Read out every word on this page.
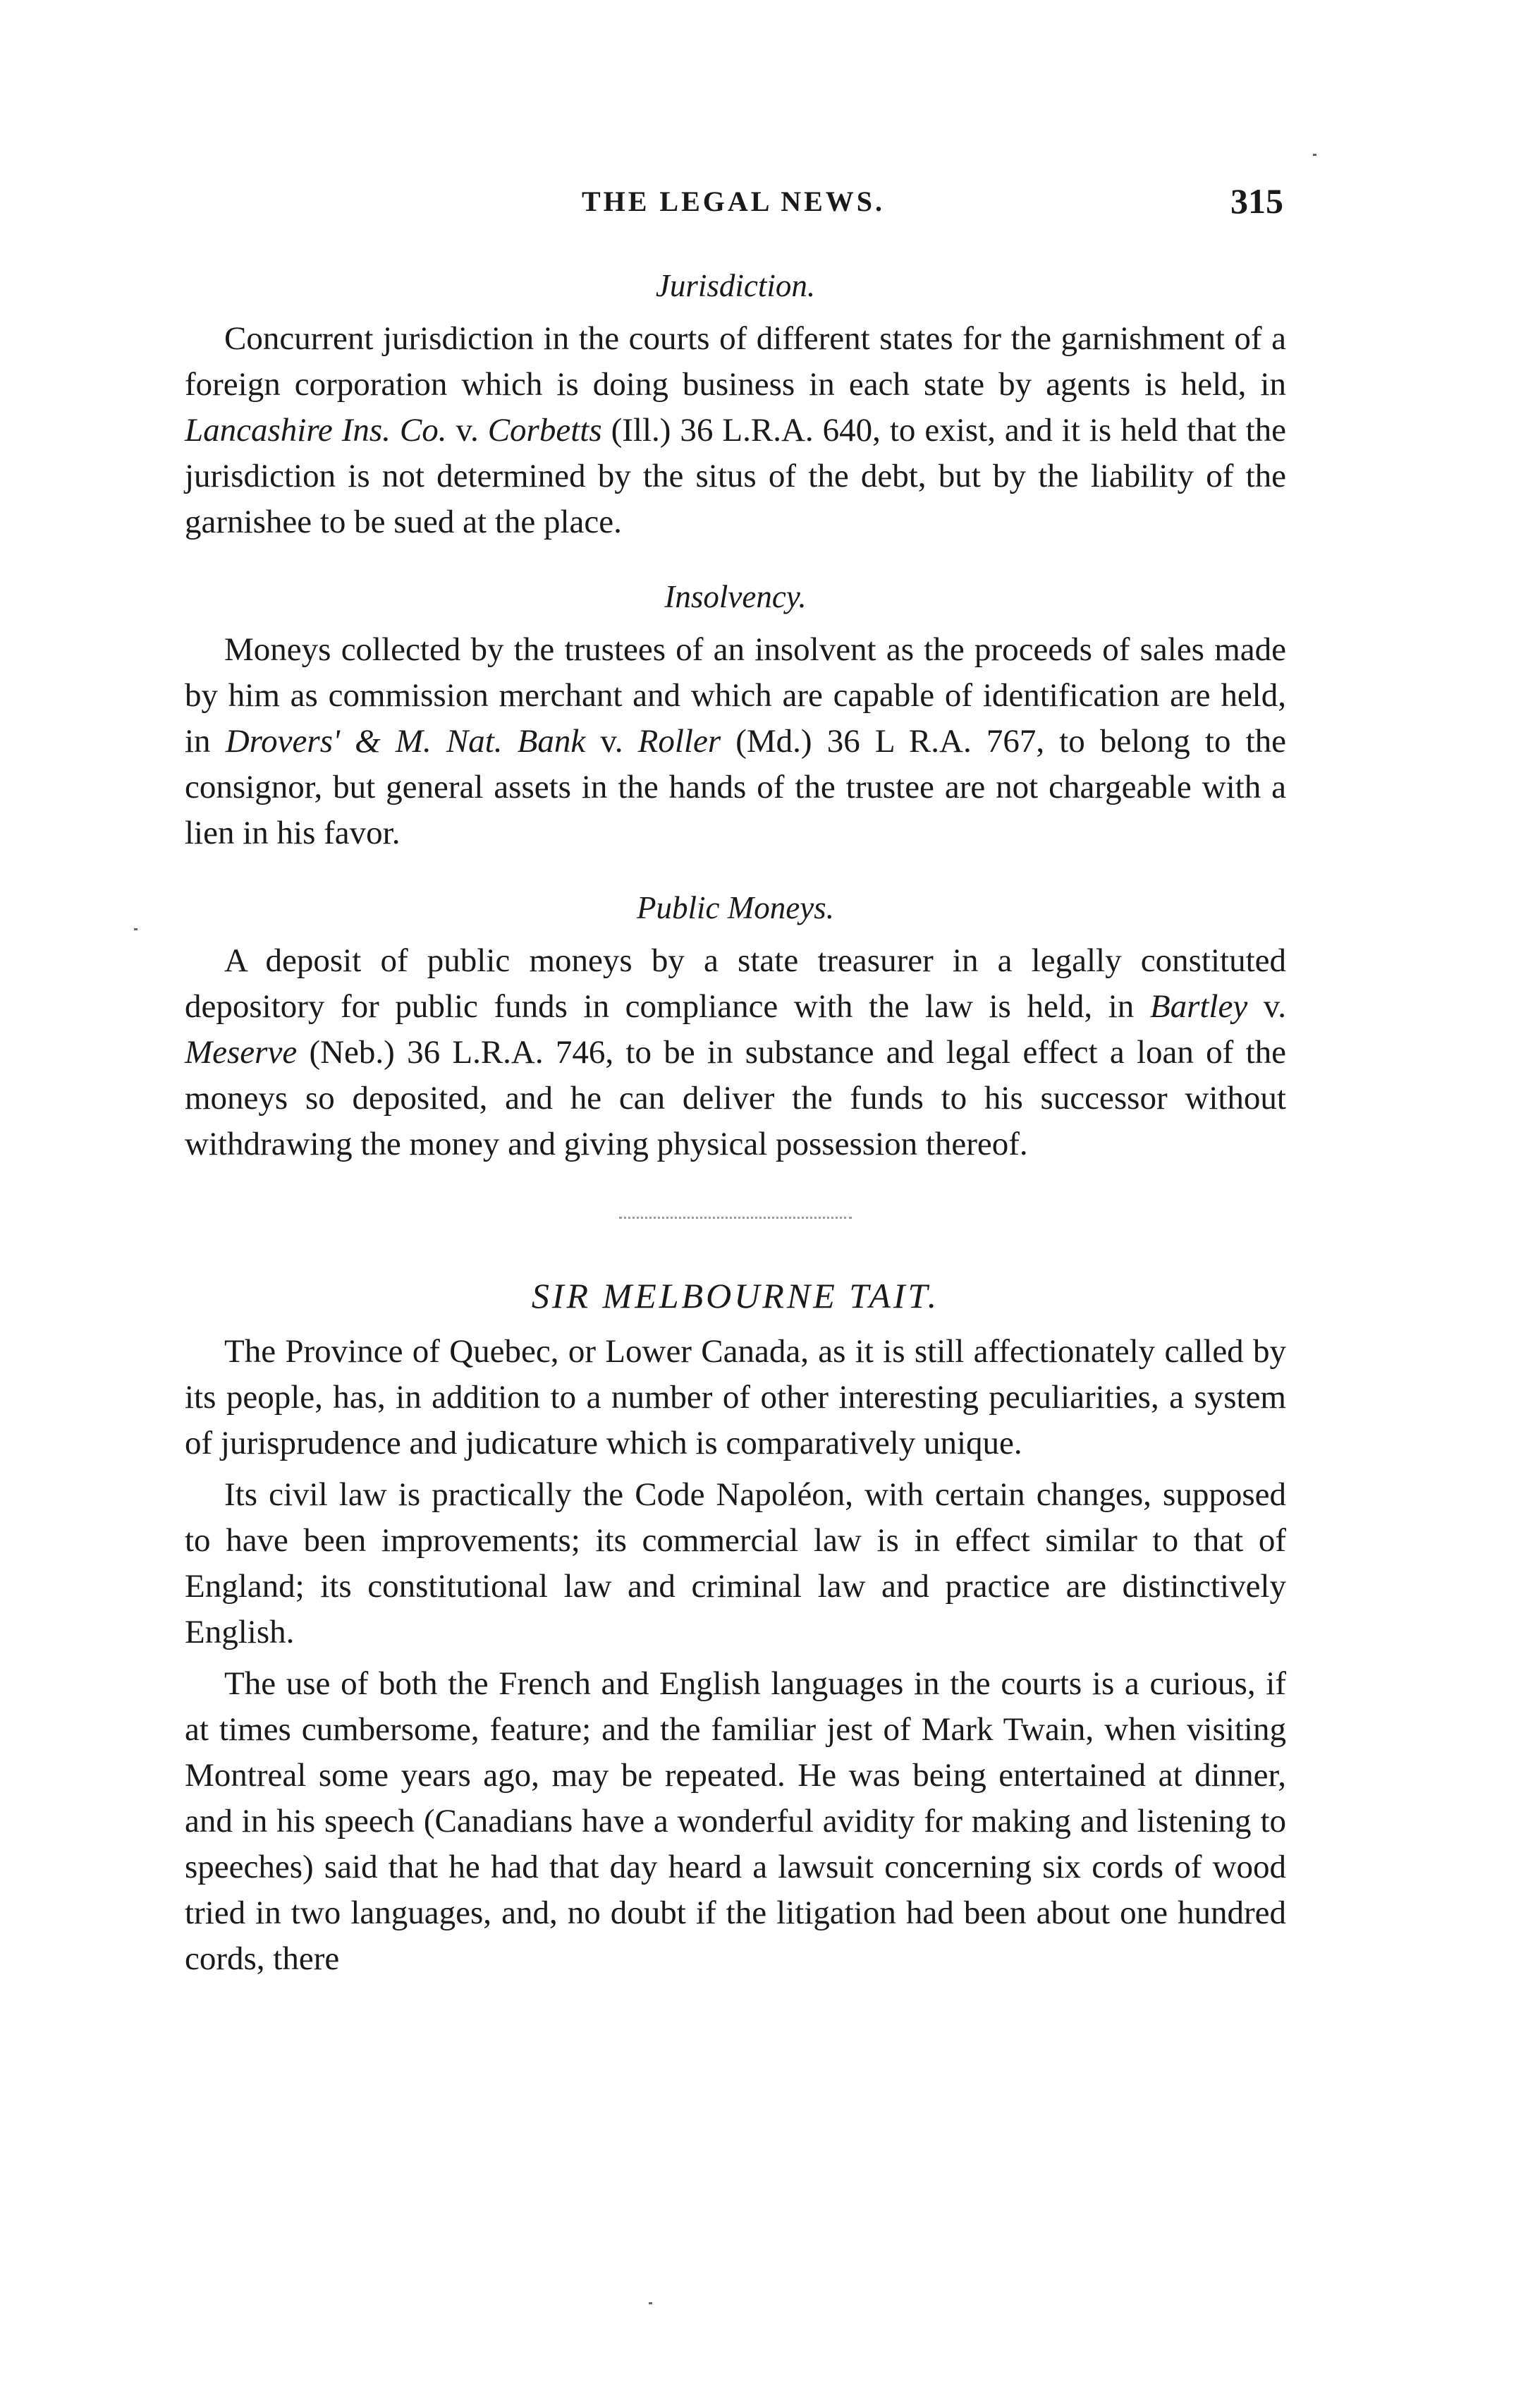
THE LEGAL NEWS.	315
Jurisdiction.

Concurrent jurisdiction in the courts of different states for the garnishment of a foreign corporation which is doing business in each state by agents is held, in Lancashire Ins. Co. v. Corbetts (Ill.) 36 L.R.A. 640, to exist, and it is held that the jurisdiction is not determined by the situs of the debt, but by the liability of the garnishee to be sued at the place.

Insolvency.

Moneys collected by the trustees of an insolvent as the proceeds of sales made by him as commission merchant and which are capable of identification are held, in Drovers' & M. Nat. Bank v. Roller (Md.) 36 L R.A. 767, to belong to the consignor, but general assets in the hands of the trustee are not chargeable with a lien in his favor.

Public Moneys.

A deposit of public moneys by a state treasurer in a legally constituted depository for public funds in compliance with the law is held, in Bartley v. Meserve (Neb.) 36 L.R.A. 746, to be in substance and legal effect a loan of the moneys so deposited, and he can deliver the funds to his successor without withdrawing the money and giving physical possession thereof.

SIR MELBOURNE TAIT.

The Province of Quebec, or Lower Canada, as it is still affectionately called by its people, has, in addition to a number of other interesting peculiarities, a system of jurisprudence and judicature which is comparatively unique.

Its civil law is practically the Code Napoléon, with certain changes, supposed to have been improvements; its commercial law is in effect similar to that of England; its constitutional law and criminal law and practice are distinctively English.

The use of both the French and English languages in the courts is a curious, if at times cumbersome, feature; and the familiar jest of Mark Twain, when visiting Montreal some years ago, may be repeated. He was being entertained at dinner, and in his speech (Canadians have a wonderful avidity for making and listening to speeches) said that he had that day heard a lawsuit concerning six cords of wood tried in two languages, and, no doubt if the litigation had been about one hundred cords, there
